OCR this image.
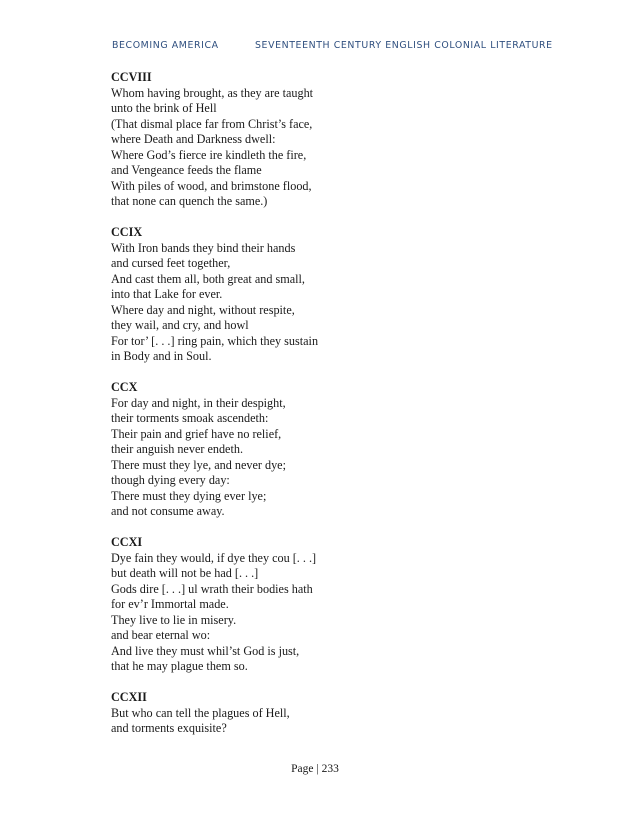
BECOMING AMERICA	SEVENTEENTH CENTURY ENGLISH COLONIAL LITERATURE
CCVIII
Whom having brought, as they are taught
unto the brink of Hell
(That dismal place far from Christ’s face,
where Death and Darkness dwell:
Where God’s fierce ire kindleth the fire,
and Vengeance feeds the flame
With piles of wood, and brimstone flood,
that none can quench the same.)
CCIX
With Iron bands they bind their hands
and cursed feet together,
And cast them all, both great and small,
into that Lake for ever.
Where day and night, without respite,
they wail, and cry, and howl
For tor’ [. . .] ring pain, which they sustain
in Body and in Soul.
CCX
For day and night, in their despight,
their torments smoak ascendeth:
Their pain and grief have no relief,
their anguish never endeth.
There must they lye, and never dye;
though dying every day:
There must they dying ever lye;
and not consume away.
CCXI
Dye fain they would, if dye they cou [. . .]
but death will not be had [. . .]
Gods dire [. . .] ul wrath their bodies hath
for ev’r Immortal made.
They live to lie in misery.
and bear eternal wo:
And live they must whil’st God is just,
that he may plague them so.
CCXII
But who can tell the plagues of Hell,
and torments exquisite?
Page | 233
